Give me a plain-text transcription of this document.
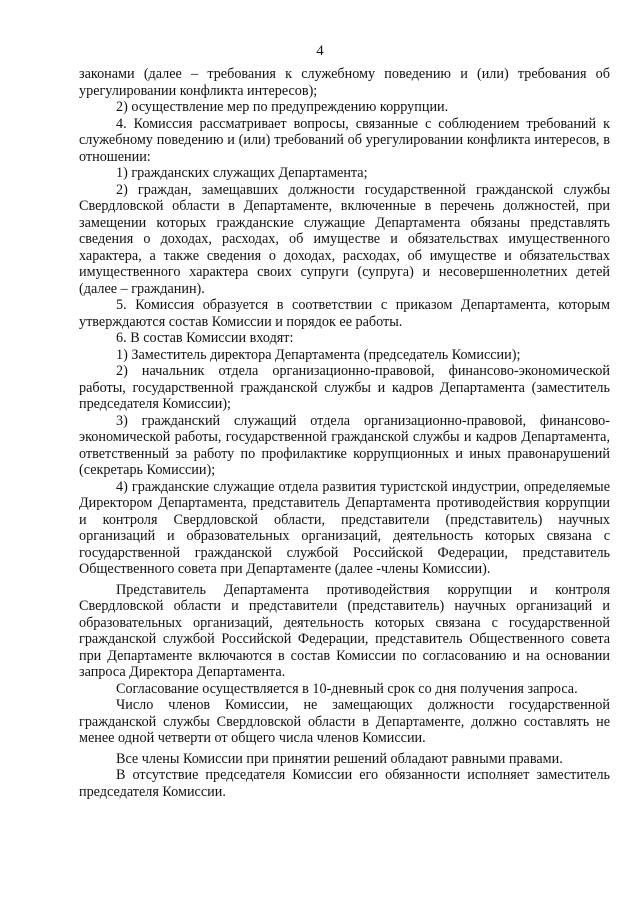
4

законами (далее – требования к служебному поведению и (или) требования об урегулировании конфликта интересов);

2) осуществление мер по предупреждению коррупции.

4. Комиссия рассматривает вопросы, связанные с соблюдением требований к служебному поведению и (или) требований об урегулировании конфликта интересов, в отношении:

1) гражданских служащих Департамента;

2) граждан, замещавших должности государственной гражданской службы Свердловской области в Департаменте, включенные в перечень должностей, при замещении которых гражданские служащие Департамента обязаны представлять сведения о доходах, расходах, об имуществе и обязательствах имущественного характера, а также сведения о доходах, расходах, об имуществе и обязательствах имущественного характера своих супруги (супруга) и несовершеннолетних детей (далее – гражданин).

5. Комиссия образуется в соответствии с приказом Департамента, которым утверждаются состав Комиссии и порядок ее работы.

6. В состав Комиссии входят:

1) Заместитель директора Департамента (председатель Комиссии);

2) начальник отдела организационно-правовой, финансово-экономической работы, государственной гражданской службы и кадров Департамента (заместитель председателя Комиссии);

3) гражданский служащий отдела организационно-правовой, финансово-экономической работы, государственной гражданской службы и кадров Департамента, ответственный за работу по профилактике коррупционных и иных правонарушений (секретарь Комиссии);

4) гражданские служащие отдела развития туристской индустрии, определяемые Директором Департамента, представитель Департамента противодействия коррупции и контроля Свердловской области, представители (представитель) научных организаций и образовательных организаций, деятельность которых связана с государственной гражданской службой Российской Федерации, представитель Общественного совета при Департаменте (далее -члены Комиссии).

Представитель Департамента противодействия коррупции и контроля Свердловской области и представители (представитель) научных организаций и образовательных организаций, деятельность которых связана с государственной гражданской службой Российской Федерации, представитель Общественного совета при Департаменте включаются в состав Комиссии по согласованию и на основании запроса Директора Департамента.

Согласование осуществляется в 10-дневный срок со дня получения запроса.

Число членов Комиссии, не замещающих должности государственной гражданской службы Свердловской области в Департаменте, должно составлять не менее одной четверти от общего числа членов Комиссии.

Все члены Комиссии при принятии решений обладают равными правами.

В отсутствие председателя Комиссии его обязанности исполняет заместитель председателя Комиссии.
